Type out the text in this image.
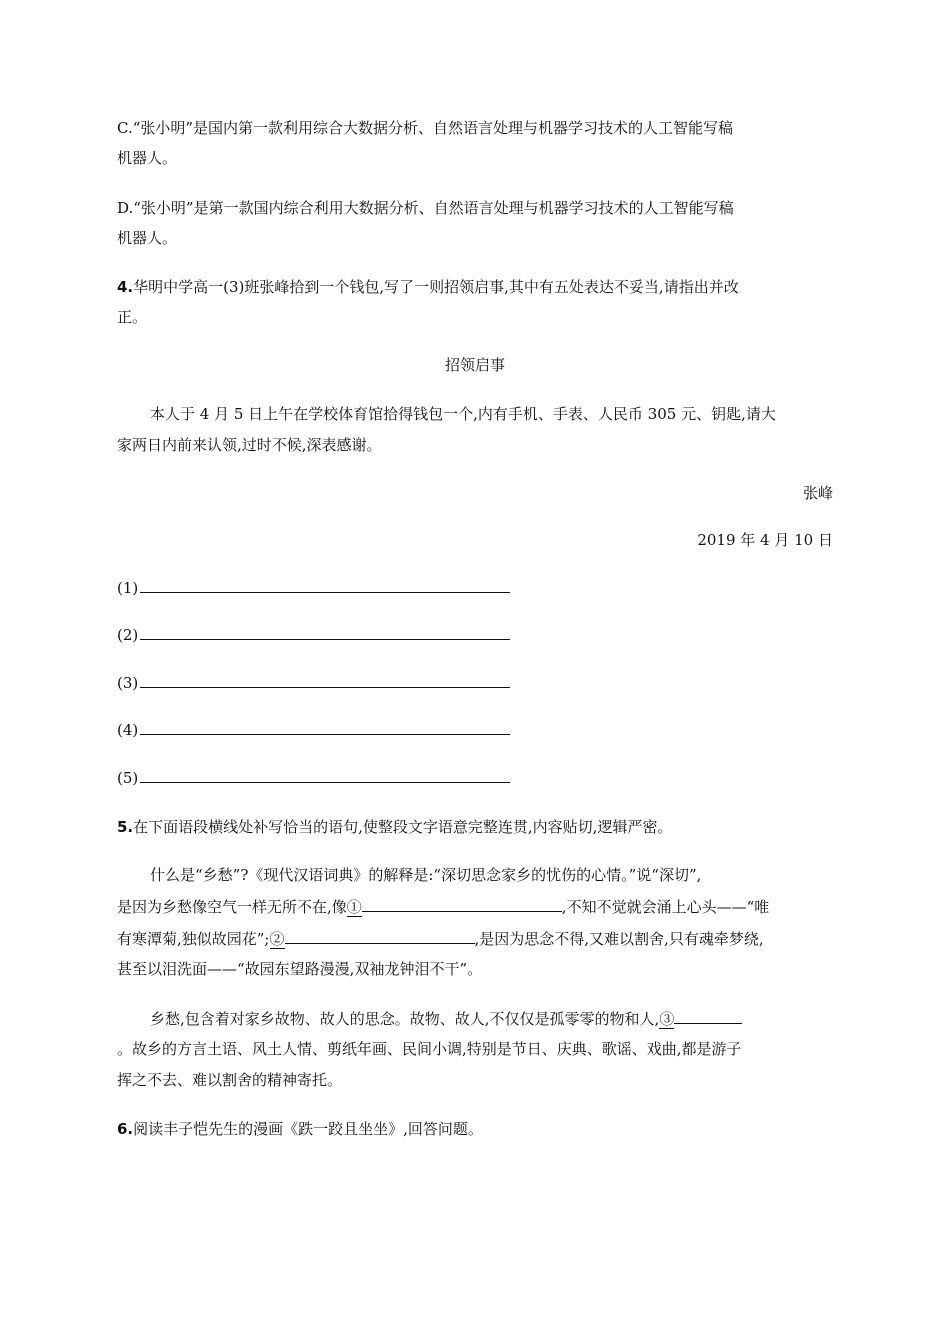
C.“张小明”是国内第一款利用综合大数据分析、自然语言处理与机器学习技术的人工智能写稿
机器人。
D.“张小明”是第一款国内综合利用大数据分析、自然语言处理与机器学习技术的人工智能写稿
机器人。
4.华明中学高一(3)班张峰拾到一个钱包,写了一则招领启事,其中有五处表达不妥当,请指出并改
正。
招领启事
本人于 4 月 5 日上午在学校体育馆拾得钱包一个,内有手机、手表、人民币 305 元、钥匙,请大
家两日内前来认领,过时不候,深表感谢。
张峰
2019 年 4 月 10 日
(1)
(2)
(3)
(4)
(5)
5.在下面语段横线处补写恰当的语句,使整段文字语意完整连贯,内容贴切,逻辑严密。
什么是“乡愁”?《现代汉语词典》的解释是:“深切思念家乡的忧伤的心情。”说“深切”,
是因为乡愁像空气一样无所不在,像①	,不知不觉就会涌上心头——“唯
有寒潭菊,独似故园花”;②	,是因为思念不得,又难以割舍,只有魂牵梦绕,
甚至以泪洗面——“故园东望路漫漫,双袖龙钟泪不干”。
乡愁,包含着对家乡故物、故人的思念。故物、故人,不仅仅是孤零零的物和人,③
。故乡的方言土语、风土人情、剪纸年画、民间小调,特别是节日、庆典、歌谣、戏曲,都是游子
挥之不去、难以割舍的精神寄托。
6.阅读丰子恺先生的漫画《跌一跤且坐坐》,回答问题。
